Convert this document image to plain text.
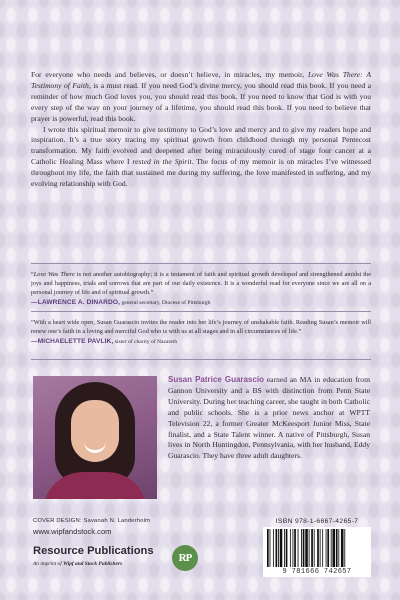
For everyone who needs and believes, or doesn’t believe, in miracles, my memoir, Love Was There: A Testimony of Faith, is a must read. If you need God’s divine mercy, you should read this book. If you need a reminder of how much God loves you, you should read this book. If you need to know that God is with you every step of the way on your journey of a lifetime, you should read this book. If you need to believe that prayer is powerful, read this book.

I wrote this spiritual memoir to give testimony to God’s love and mercy and to give my readers hope and inspiration. It’s a true story tracing my spiritual growth from childhood through my personal Pentecost transformation. My faith evolved and deepened after being miraculously cured of stage four cancer at a Catholic Healing Mass where I rested in the Spirit. The focus of my memoir is on miracles I’ve witnessed throughout my life, the faith that sustained me during my suffering, the love manifested in suffering, and my evolving relationship with God.

“Love Was There is not another autobiography; it is a testament of faith and spiritual growth developed and strengthened amidst the joys and happiness, trials and sorrows that are part of our daily existence. It is a wonderful read for everyone since we are all on a personal journey of life and of spiritual growth.”
—LAWRENCE A. DINARDO, general secretary, Diocese of Pittsburgh
“With a heart wide open, Susan Guarascio invites the reader into her life’s journey of unshakable faith. Reading Susan’s memoir will renew one’s faith in a loving and merciful God who is with us at all stages and in all circumstances of life.”
—MICHAELETTE PAVLIK, sister of charity of Nazareth
Susan Patrice Guarascio earned an MA in education from Gannon University and a BS with distinction from Penn State University. During her teaching career, she taught in both Catholic and public schools. She is a prior news anchor at WPTT Television 22, a former Greater McKeesport Junior Miss, State finalist, and a State Talent winner. A native of Pittsburgh, Susan lives in North Huntingdon, Pennsylvania, with her husband, Eddy Guarascio. They have three adult daughters.
COVER DESIGN: Savanah N. Landerholm
www.wipfandstock.com
Resource Publications
An imprint of Wipf and Stock Publishers	RP
ISBN 978-1-6667-4265-7
9 781666 742657
